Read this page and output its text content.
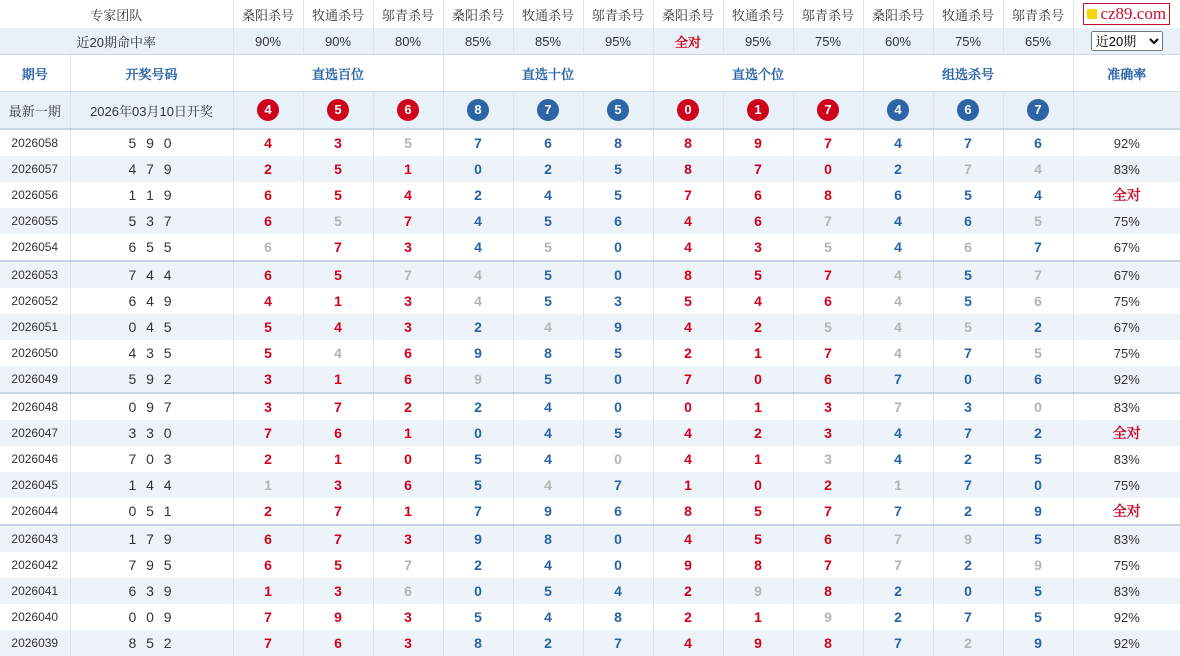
专家团队		桑阳杀号	牧通杀号	邬青杀号	桑阳杀号	牧通杀号	邬青杀号	桑阳杀号	牧通杀号	邬青杀号	桑阳杀号	牧通杀号	邬青杀号	cz89.com

近20期命中率		90%	90%	80%	85%	85%	95%	全对	95%	75%	60%	75%	65%	
近20期
期号	开奖号码	直选百位			直选十位			直选个位			组选杀号			准确率
最新一期	2026年03月10日开奖	4	5	6	8	7	5	0	1	7	4	6	7	
2026058	5 9 0	4	3	5	7	6	8	8	9	7	4	7	6	92%
2026057	4 7 9	2	5	1	0	2	5	8	7	0	2	7	4	83%
2026056	1 1 9	6	5	4	2	4	5	7	6	8	6	5	4	全对
2026055	5 3 7	6	5	7	4	5	6	4	6	7	4	6	5	75%
2026054	6 5 5	6	7	3	4	5	0	4	3	5	4	6	7	67%
2026053	7 4 4	6	5	7	4	5	0	8	5	7	4	5	7	67%
2026052	6 4 9	4	1	3	4	5	3	5	4	6	4	5	6	75%
2026051	0 4 5	5	4	3	2	4	9	4	2	5	4	5	2	67%
2026050	4 3 5	5	4	6	9	8	5	2	1	7	4	7	5	75%
2026049	5 9 2	3	1	6	9	5	0	7	0	6	7	0	6	92%
2026048	0 9 7	3	7	2	2	4	0	0	1	3	7	3	0	83%
2026047	3 3 0	7	6	1	0	4	5	4	2	3	4	7	2	全对
2026046	7 0 3	2	1	0	5	4	0	4	1	3	4	2	5	83%
2026045	1 4 4	1	3	6	5	4	7	1	0	2	1	7	0	75%
2026044	0 5 1	2	7	1	7	9	6	8	5	7	7	2	9	全对
2026043	1 7 9	6	7	3	9	8	0	4	5	6	7	9	5	83%
2026042	7 9 5	6	5	7	2	4	0	9	8	7	7	2	9	75%
2026041	6 3 9	1	3	6	0	5	4	2	9	8	2	0	5	83%
2026040	0 0 9	7	9	3	5	4	8	2	1	9	2	7	5	92%
2026039	8 5 2	7	6	3	8	2	7	4	9	8	7	2	9	92%
